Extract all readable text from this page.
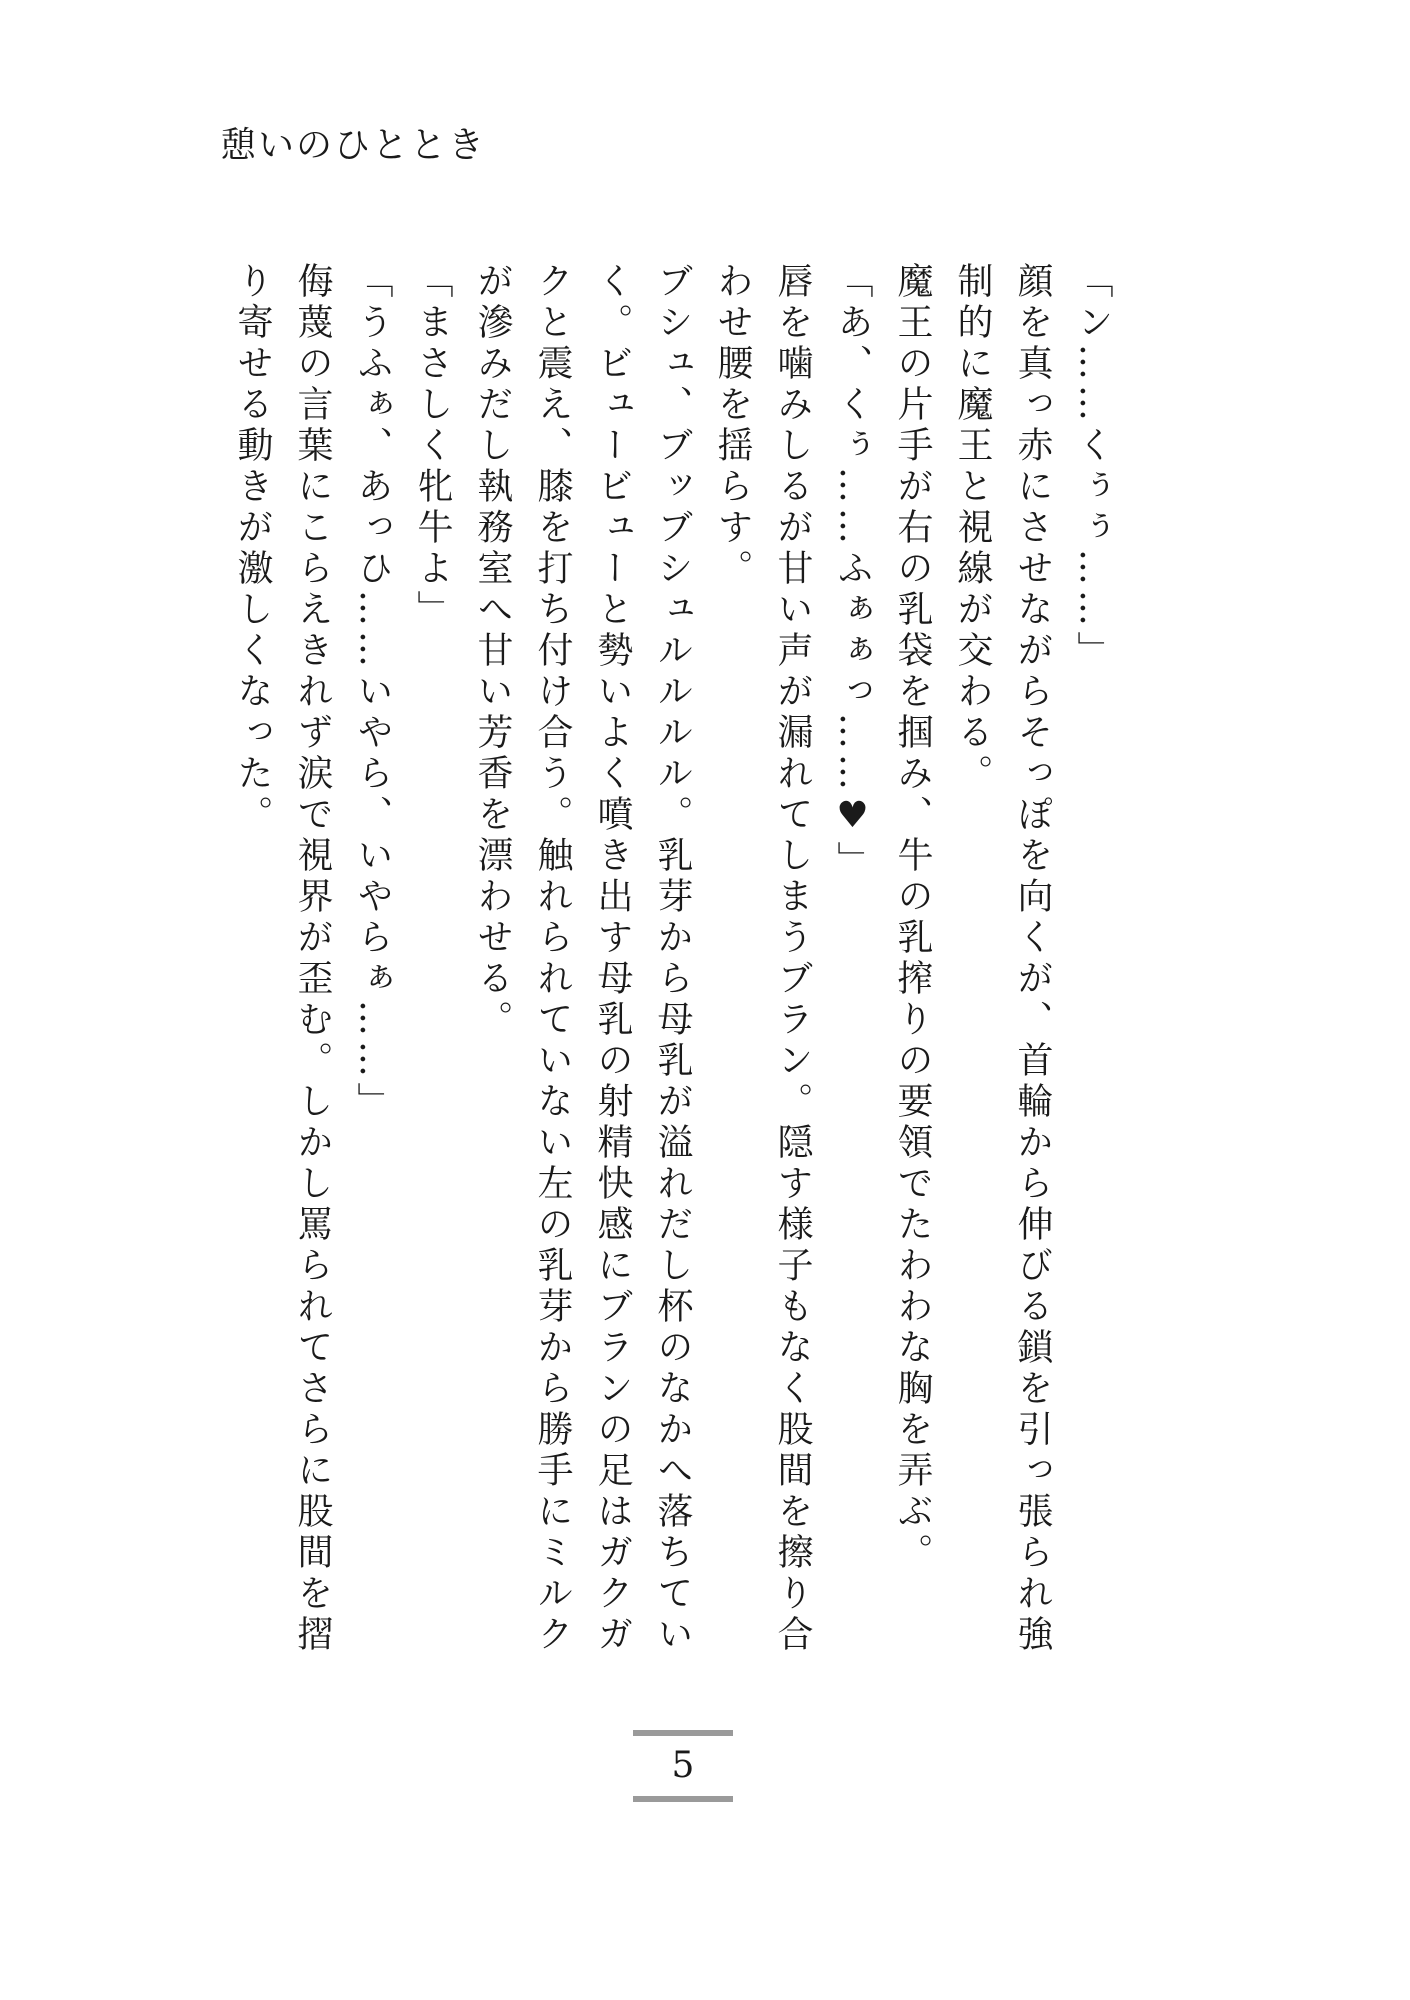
憩いのひととき

「ン……くぅぅ……」

顔を真っ赤にさせながらそっぽを向くが、首輪から伸びる鎖を引っ張られ強制的に魔王と視線が交わる。

魔王の片手が右の乳袋を掴み、牛の乳搾りの要領でたわわな胸を弄ぶ。

「あ、くぅ……ふぁぁっ……♥」

唇を噛みしるが甘い声が漏れてしまうブラン。隠す様子もなく股間を擦り合わせ腰を揺らす。

ブシュ、ブッブシュルルルル。乳芽から母乳が溢れだし杯のなかへ落ちていく。ビュービューと勢いよく噴き出す母乳の射精快感にブランの足はガクガクと震え、膝を打ち付け合う。触れられていない左の乳芽から勝手にミルクが滲みだし執務室へ甘い芳香を漂わせる。

「まさしく牝牛よ」

「うふぁ、あっひ……いやら、いやらぁ……」

侮蔑の言葉にこらえきれず涙で視界が歪む。しかし罵られてさらに股間を摺り寄せる動きが激しくなった。

5
